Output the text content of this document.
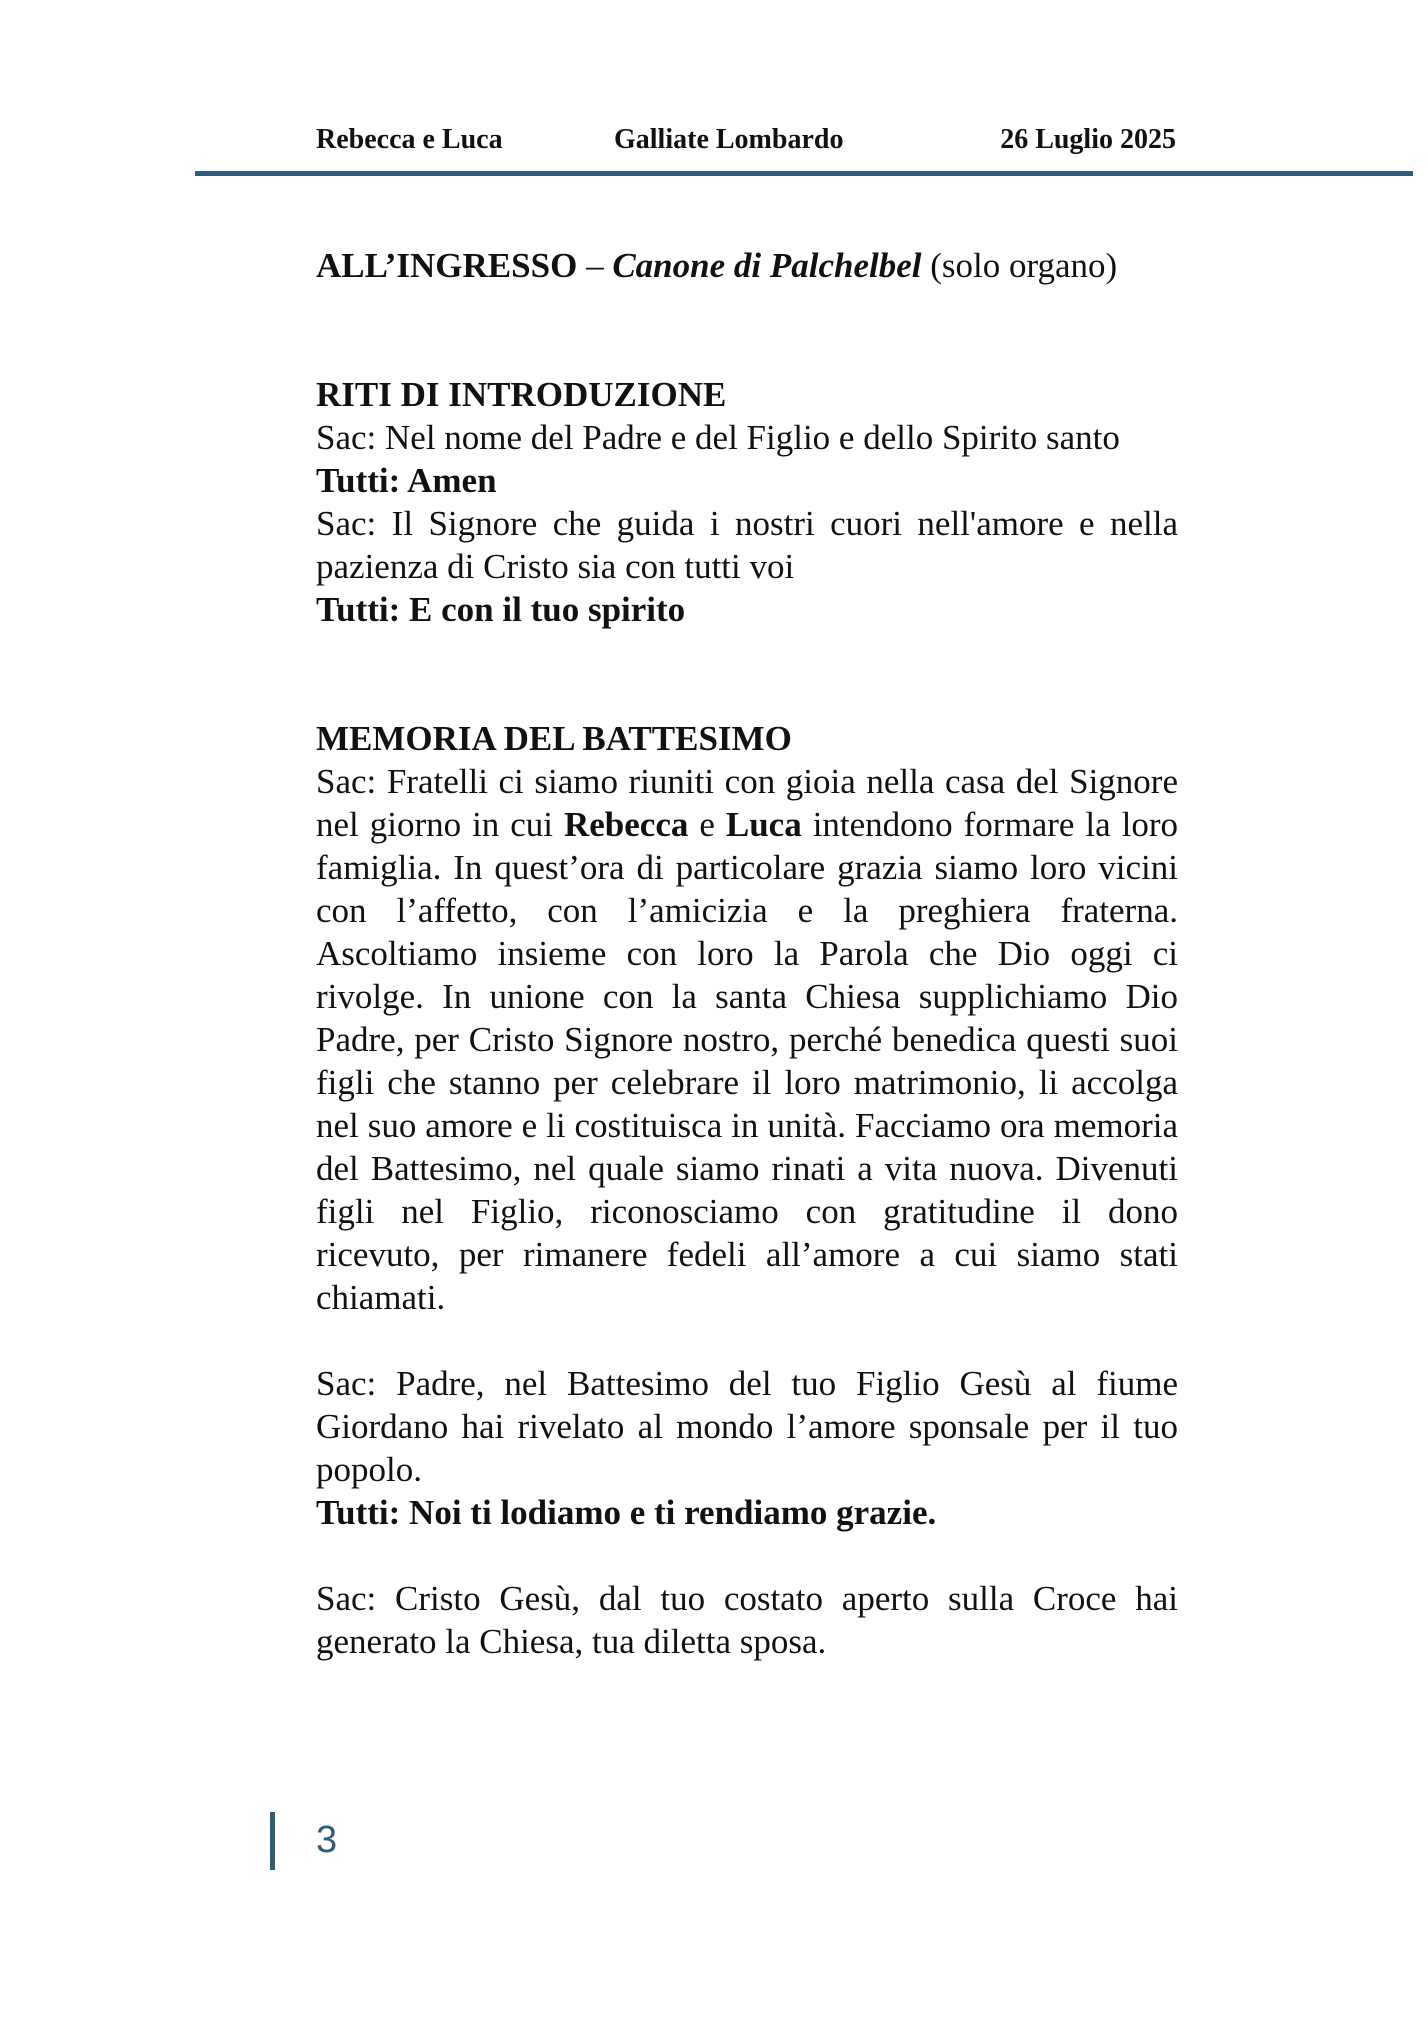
Rebecca e Luca	Galliate Lombardo	26 Luglio 2025

ALL’INGRESSO – Canone di Palchelbel (solo organo)

RITI DI INTRODUZIONE

Sac: Nel nome del Padre e del Figlio e dello Spirito santo

Tutti: Amen

Sac: Il Signore che guida i nostri cuori nell'amore e nella pazienza di Cristo sia con tutti voi

Tutti: E con il tuo spirito

MEMORIA DEL BATTESIMO

Sac: Fratelli ci siamo riuniti con gioia nella casa del Signore nel giorno in cui Rebecca e Luca intendono formare la loro famiglia. In quest’ora di particolare grazia siamo loro vicini con l’affetto, con l’amicizia e la preghiera fraterna. Ascoltiamo insieme con loro la Parola che Dio oggi ci rivolge. In unione con la santa Chiesa supplichiamo Dio Padre, per Cristo Signore nostro, perché benedica questi suoi figli che stanno per celebrare il loro matrimonio, li accolga nel suo amore e li costituisca in unità. Facciamo ora memoria del Battesimo, nel quale siamo rinati a vita nuova. Divenuti figli nel Figlio, riconosciamo con gratitudine il dono ricevuto, per rimanere fedeli all’amore a cui siamo stati chiamati.

Sac: Padre, nel Battesimo del tuo Figlio Gesù al fiume Giordano hai rivelato al mondo l’amore sponsale per il tuo popolo.

Tutti: Noi ti lodiamo e ti rendiamo grazie.

Sac: Cristo Gesù, dal tuo costato aperto sulla Croce hai generato la Chiesa, tua diletta sposa.

3
